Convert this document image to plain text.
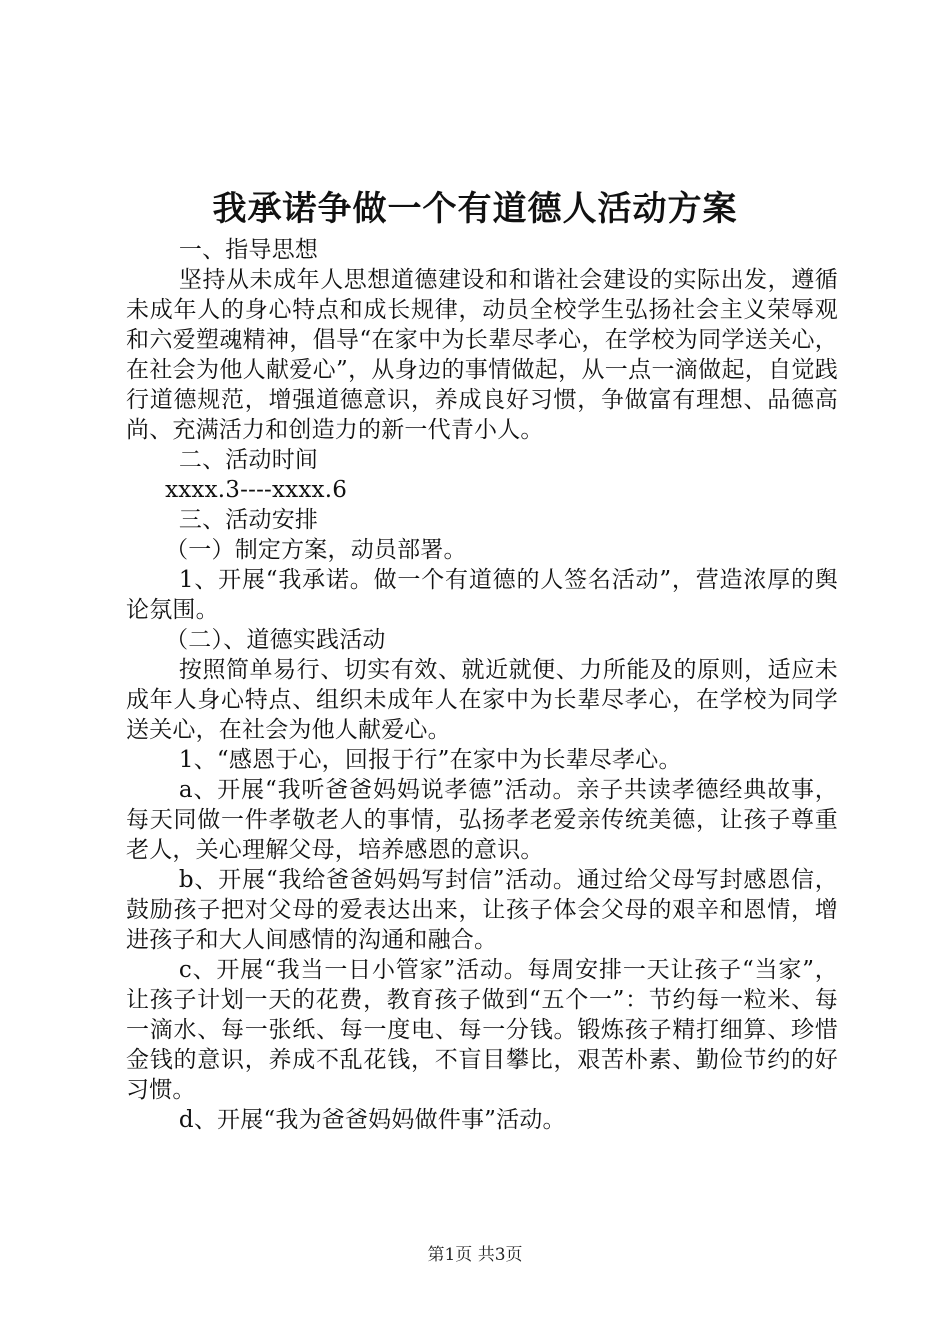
我承诺争做一个有道德人活动方案

一、指导思想

坚持从未成年人思想道德建设和和谐社会建设的实际出发，遵循未成年人的身心特点和成长规律，动员全校学生弘扬社会主义荣辱观和六爱塑魂精神，倡导“在家中为长辈尽孝心，在学校为同学送关心，在社会为他人献爱心”，从身边的事情做起，从一点一滴做起，自觉践行道德规范，增强道德意识，养成良好习惯，争做富有理想、品德高尚、充满活力和创造力的新一代青小人。

二、活动时间

xxxx.3----xxxx.6

三、活动安排

（一）制定方案，动员部署。

1、开展“我承诺。做一个有道德的人签名活动”，营造浓厚的舆论氛围。

（二）、道德实践活动

按照简单易行、切实有效、就近就便、力所能及的原则，适应未成年人身心特点、组织未成年人在家中为长辈尽孝心，在学校为同学送关心，在社会为他人献爱心。

1、“感恩于心，回报于行”在家中为长辈尽孝心。

a、开展“我听爸爸妈妈说孝德”活动。亲子共读孝德经典故事，每天同做一件孝敬老人的事情，弘扬孝老爱亲传统美德，让孩子尊重老人，关心理解父母，培养感恩的意识。

b、开展“我给爸爸妈妈写封信”活动。通过给父母写封感恩信，鼓励孩子把对父母的爱表达出来，让孩子体会父母的艰辛和恩情，增进孩子和大人间感情的沟通和融合。

c、开展“我当一日小管家”活动。每周安排一天让孩子“当家”，让孩子计划一天的花费，教育孩子做到“五个一”：节约每一粒米、每一滴水、每一张纸、每一度电、每一分钱。锻炼孩子精打细算、珍惜金钱的意识，养成不乱花钱，不盲目攀比，艰苦朴素、勤俭节约的好习惯。

d、开展“我为爸爸妈妈做件事”活动。

第1页 共3页
